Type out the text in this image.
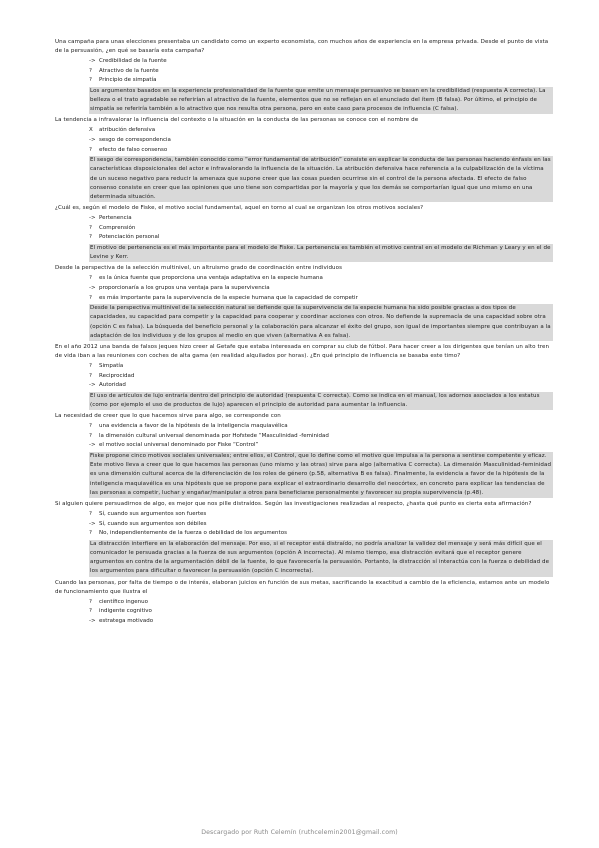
Una campaña para unas elecciones presentaba un candidato como un experto economista, con muchos años de experiencia en la empresa privada. Desde el punto de vista de la persuasión, ¿en qué se basaría esta campaña?
-> Credibilidad de la fuente
?	Atractivo de la fuente
?	Principio de simpatía
Los argumentos basados en la experiencia profesionalidad de la fuente que emite un mensaje persuasivo se basan en la credibilidad (respuesta A correcta). La belleza o el trato agradable se referirían al atractivo de la fuente, elementos que no se reflejan en el enunciado del ítem (B falsa). Por último, el principio de simpatía se referiría también a lo atractivo que nos resulta otra persona, pero en este caso para procesos de influencia (C falsa).
La tendencia a infravalorar la influencia del contexto o la situación en la conducta de las personas se conoce con el nombre de
X	atribución defensiva
-> sesgo de correspondencia
?	efecto de falso consenso
El sesgo de correspondencia, también conocido como “error fundamental de atribución” consiste en explicar la conducta de las personas haciendo énfasis en las características disposicionales del actor e infravalorando la influencia de la situación. La atribución defensiva hace referencia a la culpabilización de la víctima de un suceso negativo para reducir la amenaza que supone creer que las cosas pueden ocurrirse sin el control de la persona afectada. El efecto de falso consenso consiste en creer que las opiniones que uno tiene son compartidas por la mayoría y que los demás se comportarían igual que uno mismo en una determinada situación.
¿Cuál es, según el modelo de Fiske, el motivo social fundamental, aquel en torno al cual se organizan los otros motivos sociales?
-> Pertenencia
?	Comprensión
?	Potenciación personal
El motivo de pertenencia es el más importante para el modelo de Fiske. La pertenencia es también el motivo central en el modelo de Richman y Leary y en el de Levine y Kerr.
Desde la perspectiva de la selección multinivel, un altruismo grado de coordinación entre individuos
?	es la única fuente que proporciona una ventaja adaptativa en la especie humana
-> proporcionaría a los grupos una ventaja para la supervivencia
?	es más importante para la supervivencia de la especie humana que la capacidad de competir
Desde la perspectiva multinivel de la selección natural se defiende que la supervivencia de la especie humana ha sido posible gracias a dos tipos de capacidades, su capacidad para competir y la capacidad para cooperar y coordinar acciones con otros. No defiende la supremacía de una capacidad sobre otra (opción C es falsa). La búsqueda del beneficio personal y la colaboración para alcanzar el éxito del grupo, son igual de importantes siempre que contribuyan a la adaptación de los individuos y de los grupos al medio en que viven (alternativa A es falsa).
En el año 2012 una banda de falsos jeques hizo creer al Getafe que estaba interesada en comprar su club de fútbol. Para hacer creer a los dirigentes que tenían un alto tren de vida iban a las reuniones con coches de alta gama (en realidad alquilados por horas). ¿En qué principio de influencia se basaba este timo?
?	Simpatía
?	Reciprocidad
-> Autoridad
El uso de artículos de lujo entraría dentro del principio de autoridad (respuesta C correcta). Como se indica en el manual, los adornos asociados a los estatus (como por ejemplo el uso de productos de lujo) aparecen el principio de autoridad para aumentar la influencia.
La necesidad de creer que lo que hacemos sirve para algo, se corresponde con
?	una evidencia a favor de la hipótesis de la inteligencia maquiavélica
?	la dimensión cultural universal denominada por Hofstede “Masculinidad -feminidad
-> el motivo social universal denominado por Fiske “Control”
Fiske propone cinco motivos sociales universales; entre ellos, el Control, que lo define como el motivo que impulsa a la persona a sentirse competente y eficaz. Este motivo lleva a creer que lo que hacemos las personas (uno mismo y las otras) sirve para algo (alternativa C correcta). La dimensión Masculinidad-feminidad es una dimensión cultural acerca de la diferenciación de los roles de género (p.58, alternativa B es falsa). Finalmente, la evidencia a favor de la hipótesis de la inteligencia maquiavélica es una hipótesis que se propone para explicar el extraordinario desarrollo del neocórtex, en concreto para explicar las tendencias de las personas a competir, luchar y engañar/manipular a otros para beneficiarse personalmente y favorecer su propia supervivencia (p.48).
Si alguien quiere persuadirnos de algo, es mejor que nos pille distraídos. Según las investigaciones realizadas al respecto, ¿hasta qué punto es cierta esta afirmación?
?	Sí, cuando sus argumentos son fuertes
-> Sí, cuando sus argumentos son débiles
?	No, independientemente de la fuerza o debilidad de los argumentos
La distracción interfiere en la elaboración del mensaje. Por eso, si el receptor está distraído, no podría analizar la validez del mensaje y será más difícil que el comunicador le persuada gracias a la fuerza de sus argumentos (opción A incorrecta). Al mismo tiempo, esa distracción evitará que el receptor genere argumentos en contra de la argumentación débil de la fuente, lo que favorecería la persuasión. Portanto, la distracción sí interactúa con la fuerza o debilidad de los argumentos para dificultar o favorecer la persuasión (opción C incorrecta).
Cuando las personas, por falta de tiempo o de interés, elaboran juicios en función de sus metas, sacrificando la exactitud a cambio de la eficiencia, estamos ante un modelo de funcionamiento que ilustra el
?	científico ingenuo
?	indigente cognitivo
-> estratega motivado
Descargado por Ruth Celemín (ruthcelemin2001@gmail.com)
